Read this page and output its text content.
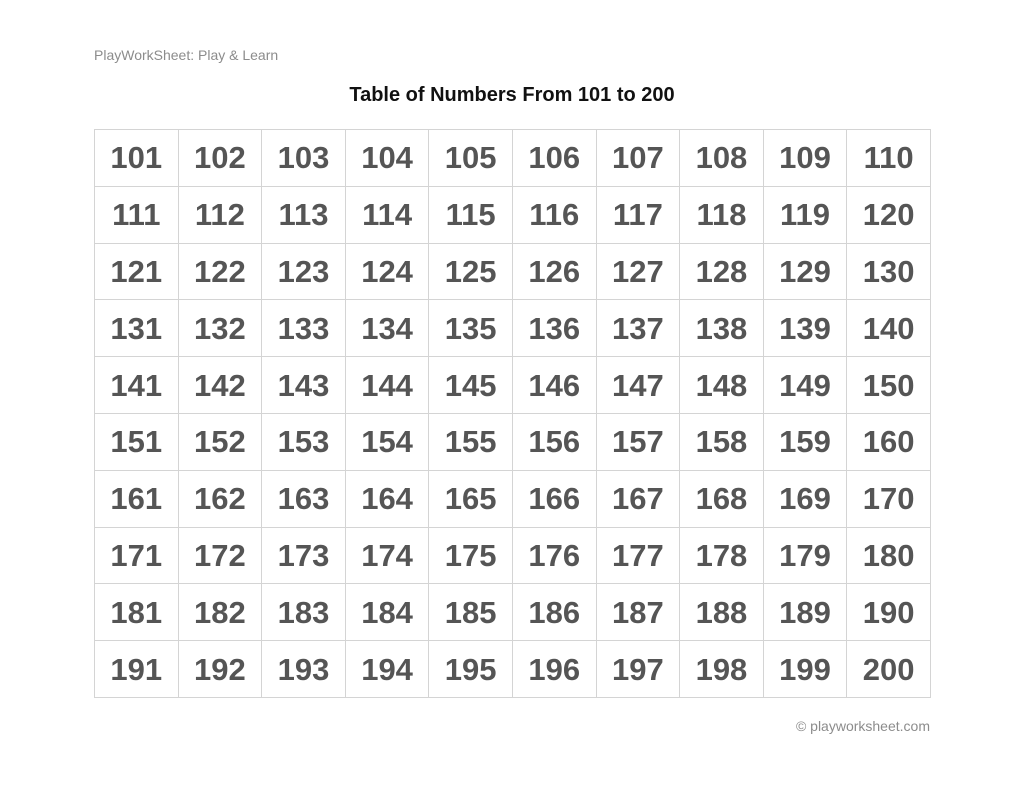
PlayWorkSheet: Play & Learn
Table of Numbers From 101 to 200
101	102	103	104	105	106	107	108	109	110
111	112	113	114	115	116	117	118	119	120
121	122	123	124	125	126	127	128	129	130
131	132	133	134	135	136	137	138	139	140
141	142	143	144	145	146	147	148	149	150
151	152	153	154	155	156	157	158	159	160
161	162	163	164	165	166	167	168	169	170
171	172	173	174	175	176	177	178	179	180
181	182	183	184	185	186	187	188	189	190
191	192	193	194	195	196	197	198	199	200
© playworksheet.com
